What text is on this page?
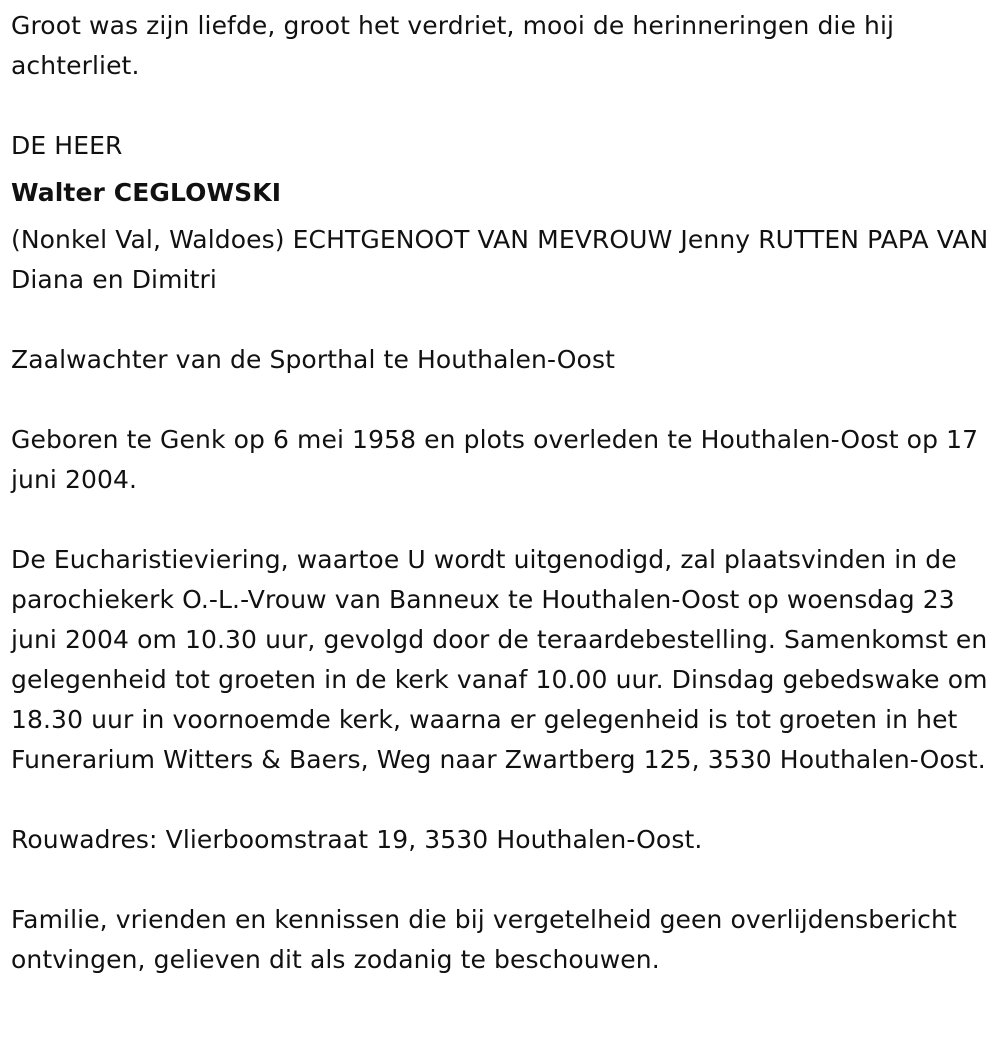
Groot was zijn liefde, groot het verdriet, mooi de herinneringen die hij achterliet.

DE HEER

Walter CEGLOWSKI

(Nonkel Val, Waldoes) ECHTGENOOT VAN MEVROUW Jenny RUTTEN PAPA VAN Diana en Dimitri

Zaalwachter van de Sporthal te Houthalen-Oost

Geboren te Genk op 6 mei 1958 en plots overleden te Houthalen-Oost op 17 juni 2004.

De Eucharistieviering, waartoe U wordt uitgenodigd, zal plaatsvinden in de parochiekerk O.-L.-Vrouw van Banneux te Houthalen-Oost op woensdag 23 juni 2004 om 10.30 uur, gevolgd door de teraardebestelling. Samenkomst en gelegenheid tot groeten in de kerk vanaf 10.00 uur. Dinsdag gebedswake om 18.30 uur in voornoemde kerk, waarna er gelegenheid is tot groeten in het Funerarium Witters & Baers, Weg naar Zwartberg 125, 3530 Houthalen-Oost.

Rouwadres: Vlierboomstraat 19, 3530 Houthalen-Oost.

Familie, vrienden en kennissen die bij vergetelheid geen overlijdensbericht ontvingen, gelieven dit als zodanig te beschouwen.
